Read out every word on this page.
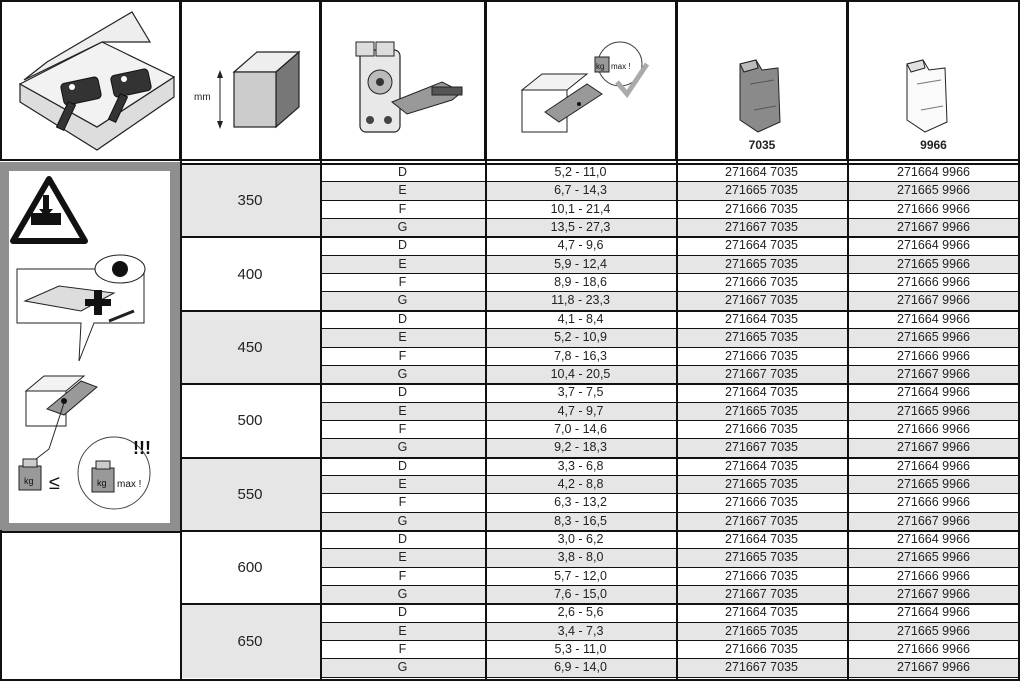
mm
kg max !
7035	9966
kg	kg
≤	max !
!!!
350
D	5,2 - 11,0	271664 7035	271664 9966
E	6,7 - 14,3	271665 7035	271665 9966
F	10,1 - 21,4	271666 7035	271666 9966
G	13,5 - 27,3	271667 7035	271667 9966
400
D	4,7 - 9,6	271664 7035	271664 9966
E	5,9 - 12,4	271665 7035	271665 9966
F	8,9 - 18,6	271666 7035	271666 9966
G	11,8 - 23,3	271667 7035	271667 9966
450
D	4,1 - 8,4	271664 7035	271664 9966
E	5,2 - 10,9	271665 7035	271665 9966
F	7,8 - 16,3	271666 7035	271666 9966
G	10,4 - 20,5	271667 7035	271667 9966
500
D	3,7 - 7,5	271664 7035	271664 9966
E	4,7 - 9,7	271665 7035	271665 9966
F	7,0 - 14,6	271666 7035	271666 9966
G	9,2 - 18,3	271667 7035	271667 9966
550
D	3,3 - 6,8	271664 7035	271664 9966
E	4,2 - 8,8	271665 7035	271665 9966
F	6,3 - 13,2	271666 7035	271666 9966
G	8,3 - 16,5	271667 7035	271667 9966
600
D	3,0 - 6,2	271664 7035	271664 9966
E	3,8 - 8,0	271665 7035	271665 9966
F	5,7 - 12,0	271666 7035	271666 9966
G	7,6 - 15,0	271667 7035	271667 9966
650
D	2,6 - 5,6	271664 7035	271664 9966
E	3,4 - 7,3	271665 7035	271665 9966
F	5,3 - 11,0	271666 7035	271666 9966
G	6,9 - 14,0	271667 7035	271667 9966
